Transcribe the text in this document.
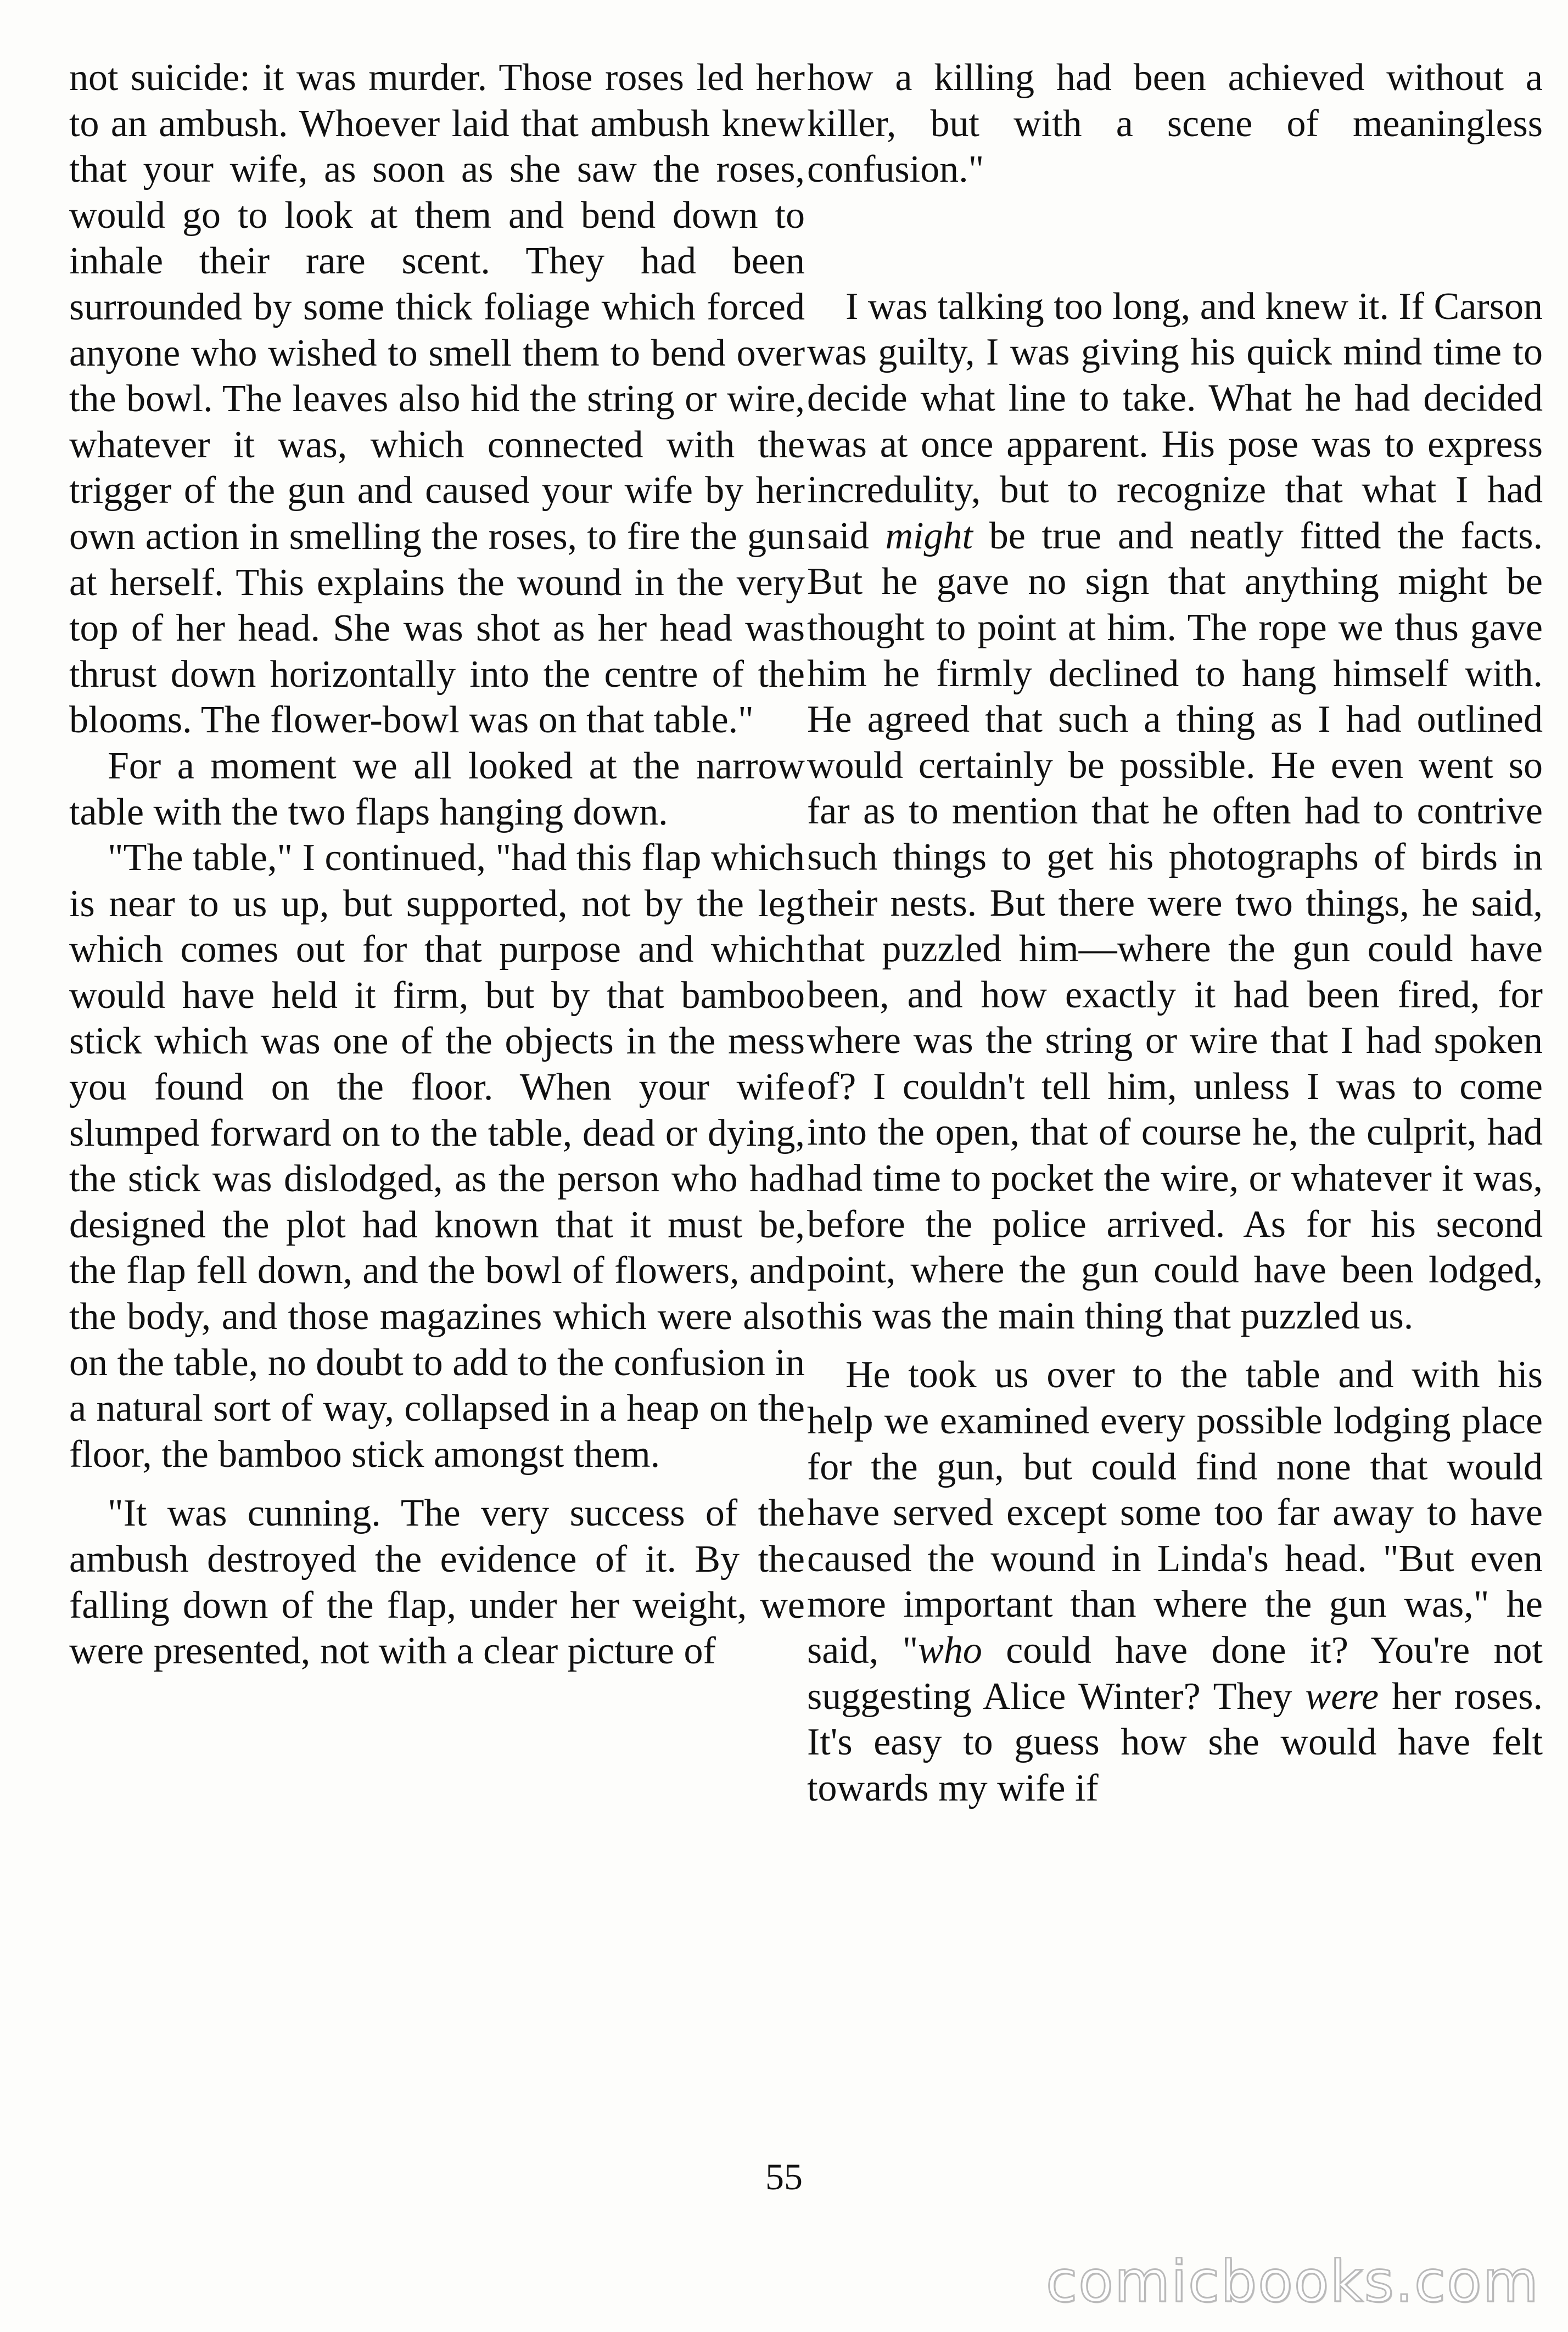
not suicide: it was murder. Those roses led her to an ambush. Whoever laid that ambush knew that your wife, as soon as she saw the roses, would go to look at them and bend down to inhale their rare scent. They had been surrounded by some thick foliage which forced anyone who wished to smell them to bend over the bowl. The leaves also hid the string or wire, whatever it was, which connected with the trigger of the gun and caused your wife by her own action in smelling the roses, to fire the gun at herself. This explains the wound in the very top of her head. She was shot as her head was thrust down horizontally into the centre of the blooms. The flower-bowl was on that table."

For a moment we all looked at the narrow table with the two flaps hanging down.

"The table," I continued, "had this flap which is near to us up, but supported, not by the leg which comes out for that purpose and which would have held it firm, but by that bamboo stick which was one of the objects in the mess you found on the floor. When your wife slumped forward on to the table, dead or dying, the stick was dislodged, as the person who had designed the plot had known that it must be, the flap fell down, and the bowl of flowers, and the body, and those magazines which were also on the table, no doubt to add to the confusion in a natural sort of way, collapsed in a heap on the floor, the bamboo stick amongst them.

"It was cunning. The very success of the ambush destroyed the evidence of it. By the falling down of the flap, under her weight, we were presented, not with a clear picture of

how a killing had been achieved without a killer, but with a scene of meaningless confusion."

I was talking too long, and knew it. If Carson was guilty, I was giving his quick mind time to decide what line to take. What he had decided was at once apparent. His pose was to express incredulity, but to recognize that what I had said might be true and neatly fitted the facts. But he gave no sign that anything might be thought to point at him. The rope we thus gave him he firmly declined to hang himself with. He agreed that such a thing as I had outlined would certainly be possible. He even went so far as to mention that he often had to contrive such things to get his photographs of birds in their nests. But there were two things, he said, that puzzled him—where the gun could have been, and how exactly it had been fired, for where was the string or wire that I had spoken of? I couldn't tell him, unless I was to come into the open, that of course he, the culprit, had had time to pocket the wire, or whatever it was, before the police arrived. As for his second point, where the gun could have been lodged, this was the main thing that puzzled us.

He took us over to the table and with his help we examined every possible lodging place for the gun, but could find none that would have served except some too far away to have caused the wound in Linda's head. "But even more important than where the gun was," he said, "who could have done it? You're not suggesting Alice Winter? They were her roses. It's easy to guess how she would have felt towards my wife if

55
comicbooks.com
